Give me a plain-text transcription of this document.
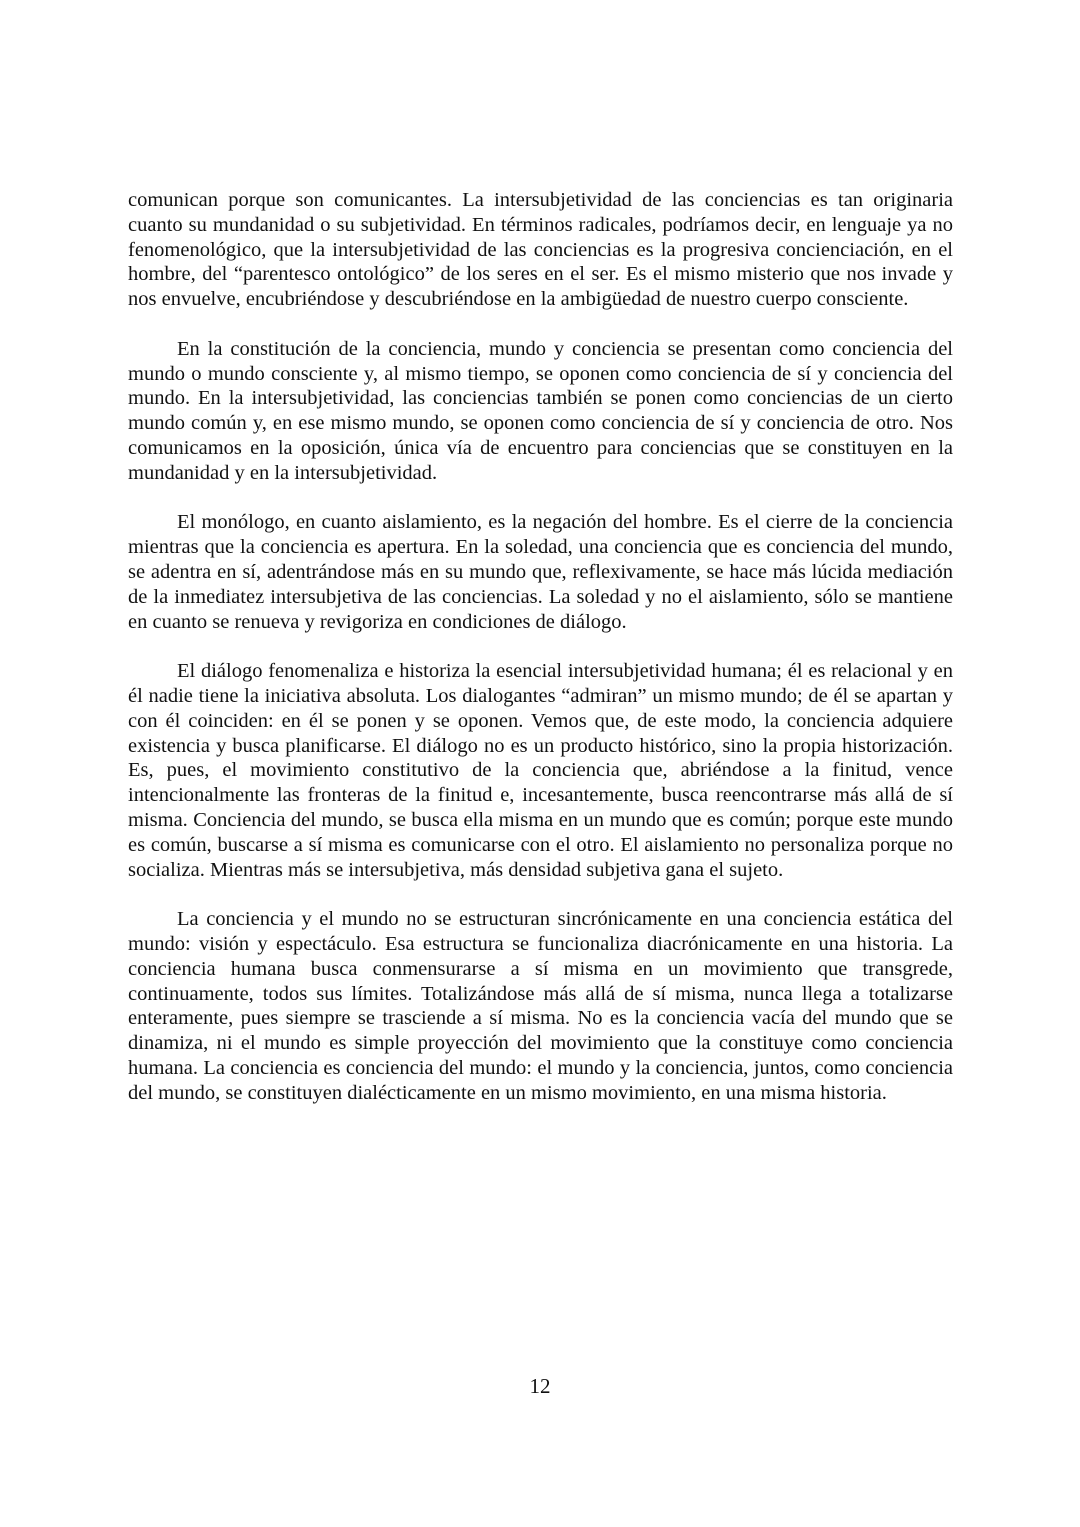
comunican porque son comunicantes. La intersubjetividad de las conciencias es tan originaria cuanto su mundanidad o su subjetividad. En términos radicales, podríamos decir, en lenguaje ya no fenomenológico, que la intersubjetividad de las conciencias es la progresiva concienciación, en el hombre, del “parentesco ontológico” de los seres en el ser. Es el mismo misterio que nos invade y nos envuelve, encubriéndose y descubriéndose en la ambigüedad de nuestro cuerpo consciente.

En la constitución de la conciencia, mundo y conciencia se presentan como conciencia del mundo o mundo consciente y, al mismo tiempo, se oponen como conciencia de sí y conciencia del mundo. En la intersubjetividad, las conciencias también se ponen como conciencias de un cierto mundo común y, en ese mismo mundo, se oponen como conciencia de sí y conciencia de otro. Nos comunicamos en la oposición, única vía de encuentro para conciencias que se constituyen en la mundanidad y en la intersubjetividad.

El monólogo, en cuanto aislamiento, es la negación del hombre. Es el cierre de la conciencia mientras que la conciencia es apertura. En la soledad, una conciencia que es conciencia del mundo, se adentra en sí, adentrándose más en su mundo que, reflexivamente, se hace más lúcida mediación de la inmediatez intersubjetiva de las conciencias. La soledad y no el aislamiento, sólo se mantiene en cuanto se renueva y revigoriza en condiciones de diálogo.

El diálogo fenomenaliza e historiza la esencial intersubjetividad humana; él es relacional y en él nadie tiene la iniciativa absoluta. Los dialogantes “admiran” un mismo mundo; de él se apartan y con él coinciden: en él se ponen y se oponen. Vemos que, de este modo, la conciencia adquiere existencia y busca planificarse. El diálogo no es un producto histórico, sino la propia historización. Es, pues, el movimiento constitutivo de la conciencia que, abriéndose a la finitud, vence intencionalmente las fronteras de la finitud e, incesantemente, busca reencontrarse más allá de sí misma. Conciencia del mundo, se busca ella misma en un mundo que es común; porque este mundo es común, buscarse a sí misma es comunicarse con el otro. El aislamiento no personaliza porque no socializa. Mientras más se intersubjetiva, más densidad subjetiva gana el sujeto.

La conciencia y el mundo no se estructuran sincrónicamente en una conciencia estática del mundo: visión y espectáculo. Esa estructura se funcionaliza diacrónicamente en una historia. La conciencia humana busca conmensurarse a sí misma en un movimiento que transgrede, continuamente, todos sus límites. Totalizándose más allá de sí misma, nunca llega a totalizarse enteramente, pues siempre se trasciende a sí misma. No es la conciencia vacía del mundo que se dinamiza, ni el mundo es simple proyección del movimiento que la constituye como conciencia humana. La conciencia es conciencia del mundo: el mundo y la conciencia, juntos, como conciencia del mundo, se constituyen dialécticamente en un mismo movimiento, en una misma historia.

12
